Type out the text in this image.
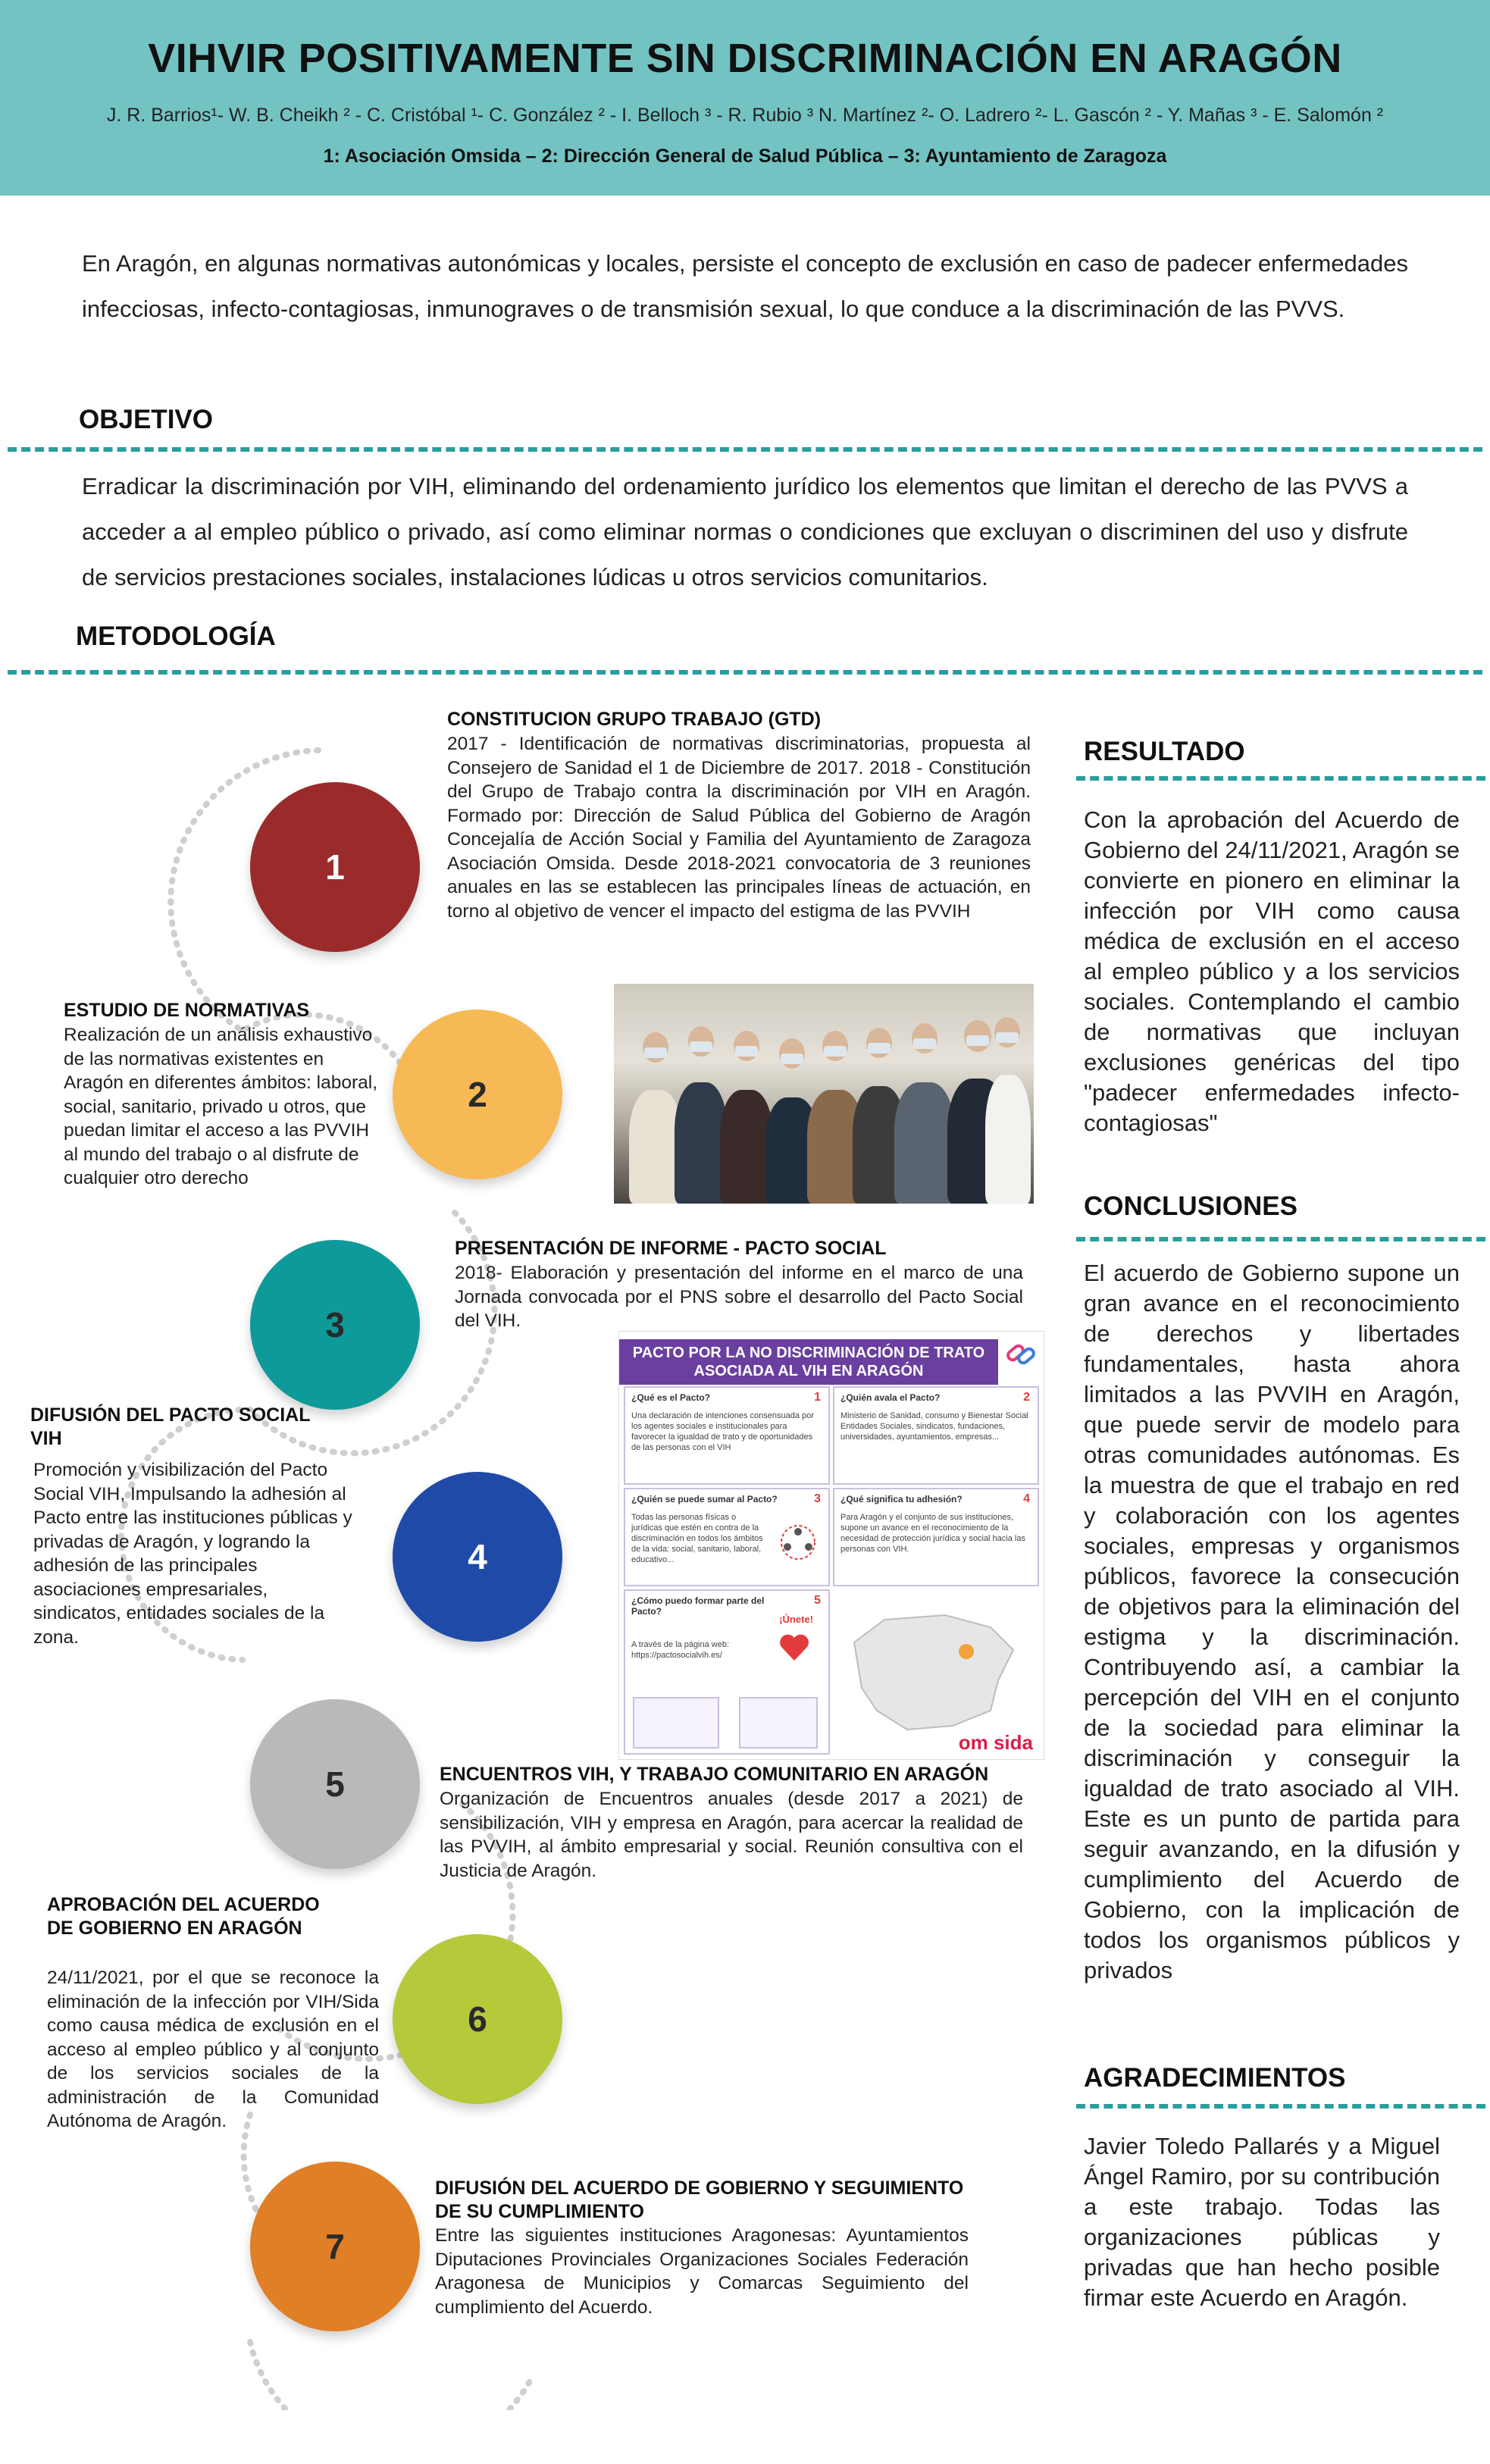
VIHVIR POSITIVAMENTE SIN DISCRIMINACIÓN EN ARAGÓN
J. R. Barrios¹- W. B. Cheikh ² - C. Cristóbal ¹- C. González ² - I. Belloch ³ - R. Rubio ³ N. Martínez ²- O. Ladrero ²- L. Gascón ² - Y. Mañas ³ - E. Salomón ²
1: Asociación Omsida – 2: Dirección General de Salud Pública – 3: Ayuntamiento de Zaragoza
En Aragón, en algunas normativas autonómicas y locales, persiste el concepto de exclusión en caso de padecer enfermedades infecciosas, infecto-contagiosas, inmunograves o de transmisión sexual, lo que conduce a la discriminación de las PVVS.
OBJETIVO
Erradicar la discriminación por VIH, eliminando del ordenamiento jurídico los elementos que limitan el derecho de las PVVS a acceder a al empleo público o privado, así como eliminar normas o condiciones que excluyan o discriminen del uso y disfrute de servicios prestaciones sociales, instalaciones lúdicas u otros servicios comunitarios.
METODOLOGÍA
1
2
3
4
5
6
7
CONSTITUCION GRUPO TRABAJO (GTD)
2017 - Identificación de normativas discriminatorias, propuesta al Consejero de Sanidad el 1 de Diciembre de 2017. 2018 - Constitución del Grupo de Trabajo contra la discriminación por VIH en Aragón. Formado por: Dirección de Salud Pública del Gobierno de Aragón Concejalía de Acción Social y Familia del Ayuntamiento de Zaragoza Asociación Omsida. Desde 2018-2021 convocatoria de 3 reuniones anuales en las se establecen las principales líneas de actuación, en torno al objetivo de vencer el impacto del estigma de las PVVIH
ESTUDIO DE NORMATIVAS
Realización de un análisis exhaustivo de las normativas existentes en Aragón en diferentes ámbitos: laboral, social, sanitario, privado u otros, que puedan limitar el acceso a las PVVIH al mundo del trabajo o al disfrute de cualquier otro derecho
PRESENTACIÓN DE INFORME - PACTO SOCIAL
2018- Elaboración y presentación del informe en el marco de una Jornada convocada por el PNS sobre el desarrollo del Pacto Social del VIH.
PACTO POR LA NO DISCRIMINACIÓN DE TRATO ASOCIADA AL VIH EN ARAGÓN
¿Qué es el Pacto?	1
Una declaración de intenciones consensuada por los agentes sociales e institucionales para favorecer la igualdad de trato y de oportunidades de las personas con el VIH
¿Quién avala el Pacto?	2
Ministerio de Sanidad, consumo y Bienestar Social Entidades Sociales, sindicatos, fundaciones, universidades, ayuntamientos, empresas...
¿Quién se puede sumar al Pacto?	3
Todas las personas físicas o jurídicas que estén en contra de la discriminación en todos los ámbitos de la vida: social, sanitario, laboral, educativo...
¿Qué significa tu adhesión?	4
Para Aragón y el conjunto de sus instituciones, supone un avance en el reconocimiento de la necesidad de protección jurídica y social hacia las personas con VIH.
¿Cómo puedo formar parte del Pacto?
5
A través de la página web: https://pactosocialvih.es/
¡Únete!
om sida
DIFUSIÓN DEL PACTO SOCIAL VIH
Promoción y visibilización del Pacto Social VIH, Impulsando la adhesión al Pacto entre las instituciones públicas y privadas de Aragón, y logrando la adhesión de las principales asociaciones empresariales, sindicatos, entidades sociales de la zona.
ENCUENTROS VIH, Y TRABAJO COMUNITARIO EN ARAGÓN
Organización de Encuentros anuales (desde 2017 a 2021) de sensibilización, VIH y empresa en Aragón, para acercar la realidad de las PVVIH, al ámbito empresarial y social. Reunión consultiva con el Justicia de Aragón.
APROBACIÓN DEL ACUERDO DE GOBIERNO EN ARAGÓN
24/11/2021, por el que se reconoce la eliminación de la infección por VIH/Sida como causa médica de exclusión en el acceso al empleo público y al conjunto de los servicios sociales de la administración de la Comunidad Autónoma de Aragón.
DIFUSIÓN DEL ACUERDO DE GOBIERNO Y SEGUIMIENTO DE SU CUMPLIMIENTO
Entre las siguientes instituciones Aragonesas: Ayuntamientos Diputaciones Provinciales Organizaciones Sociales Federación Aragonesa de Municipios y Comarcas Seguimiento del cumplimiento del Acuerdo.
RESULTADO
Con la aprobación del Acuerdo de Gobierno del 24/11/2021, Aragón se convierte en pionero en eliminar la infección por VIH como causa médica de exclusión en el acceso al empleo público y a los servicios sociales. Contemplando el cambio de normativas que incluyan exclusiones genéricas del tipo "padecer enfermedades infecto-contagiosas"
CONCLUSIONES
El acuerdo de Gobierno supone un gran avance en el reconocimiento de derechos y libertades fundamentales, hasta ahora limitados a las PVVIH en Aragón, que puede servir de modelo para otras comunidades autónomas. Es la muestra de que el trabajo en red y colaboración con los agentes sociales, empresas y organismos públicos, favorece la consecución de objetivos para la eliminación del estigma y la discriminación. Contribuyendo así, a cambiar la percepción del VIH en el conjunto de la sociedad para eliminar la discriminación y conseguir la igualdad de trato asociado al VIH. Este es un punto de partida para seguir avanzando, en la difusión y cumplimiento del Acuerdo de Gobierno, con la implicación de todos los organismos públicos y privados
AGRADECIMIENTOS
Javier Toledo Pallarés y a Miguel Ángel Ramiro, por su contribución a este trabajo. Todas las organizaciones públicas y privadas que han hecho posible firmar este Acuerdo en Aragón.
